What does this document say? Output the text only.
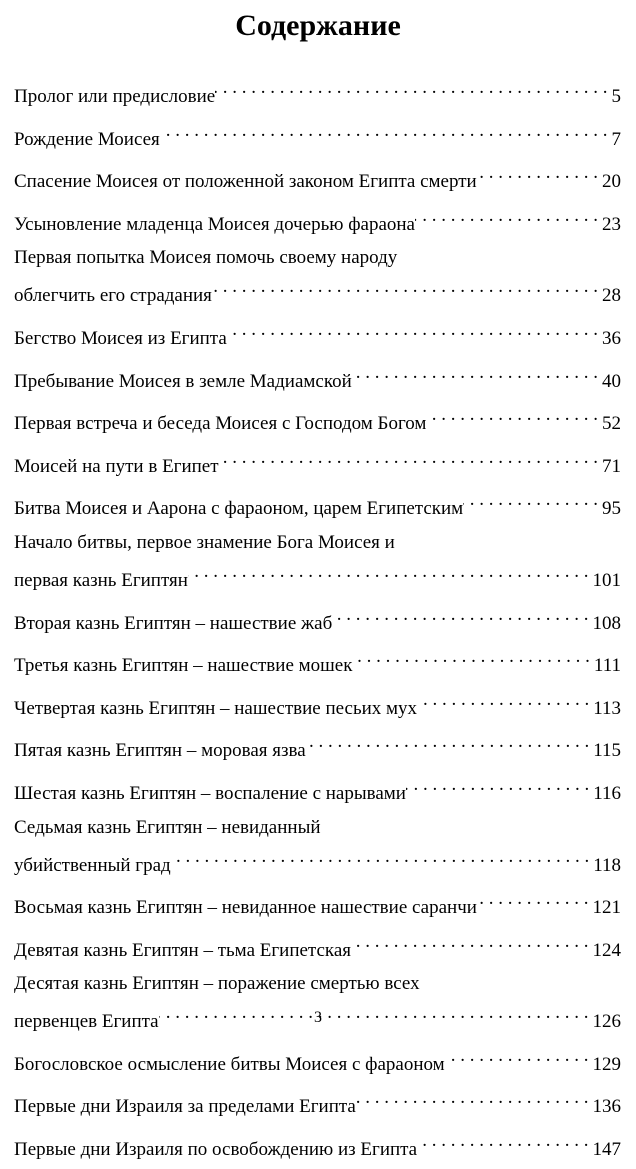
Содержание
Пролог или предисловие . . .	5
Рождение Моисея . . .	7
Спасение Моисея от положенной законом Египта смерти . . .	20
Усыновление младенца Моисея дочерью фараона . . .	23
Первая попытка Моисея помочь своему народу
облегчить его страдания . . .	28
Бегство Моисея из Египта . . .	36
Пребывание Моисея в земле Мадиамской . . .	40
Первая встреча и беседа Моисея с Господом Богом . . .	52
Моисей на пути в Египет . . .	71
Битва Моисея и Аарона с фараоном, царем Египетским . . .	95
Начало битвы, первое знамение Бога Моисея и
первая казнь Египтян . . .	101
Вторая казнь Египтян – нашествие жаб . . .	108
Третья казнь Египтян – нашествие мошек . . .	111
Четвертая казнь Египтян – нашествие песьих мух . . .	113
Пятая казнь Египтян – моровая язва . . .	115
Шестая казнь Египтян – воспаление с нарывами . . .	116
Седьмая казнь Египтян – невиданный
убийственный град . . .	118
Восьмая казнь Египтян – невиданное нашествие саранчи . . .	121
Девятая казнь Египтян – тьма Египетская . . .	124
Десятая казнь Египтян – поражение смертью всех
первенцев Египта . . .	126
Богословское осмысление битвы Моисея с фараоном . . .	129
Первые дни Израиля за пределами Египта . . .	136
Первые дни Израиля по освобождению из Египта . . .	147
3
